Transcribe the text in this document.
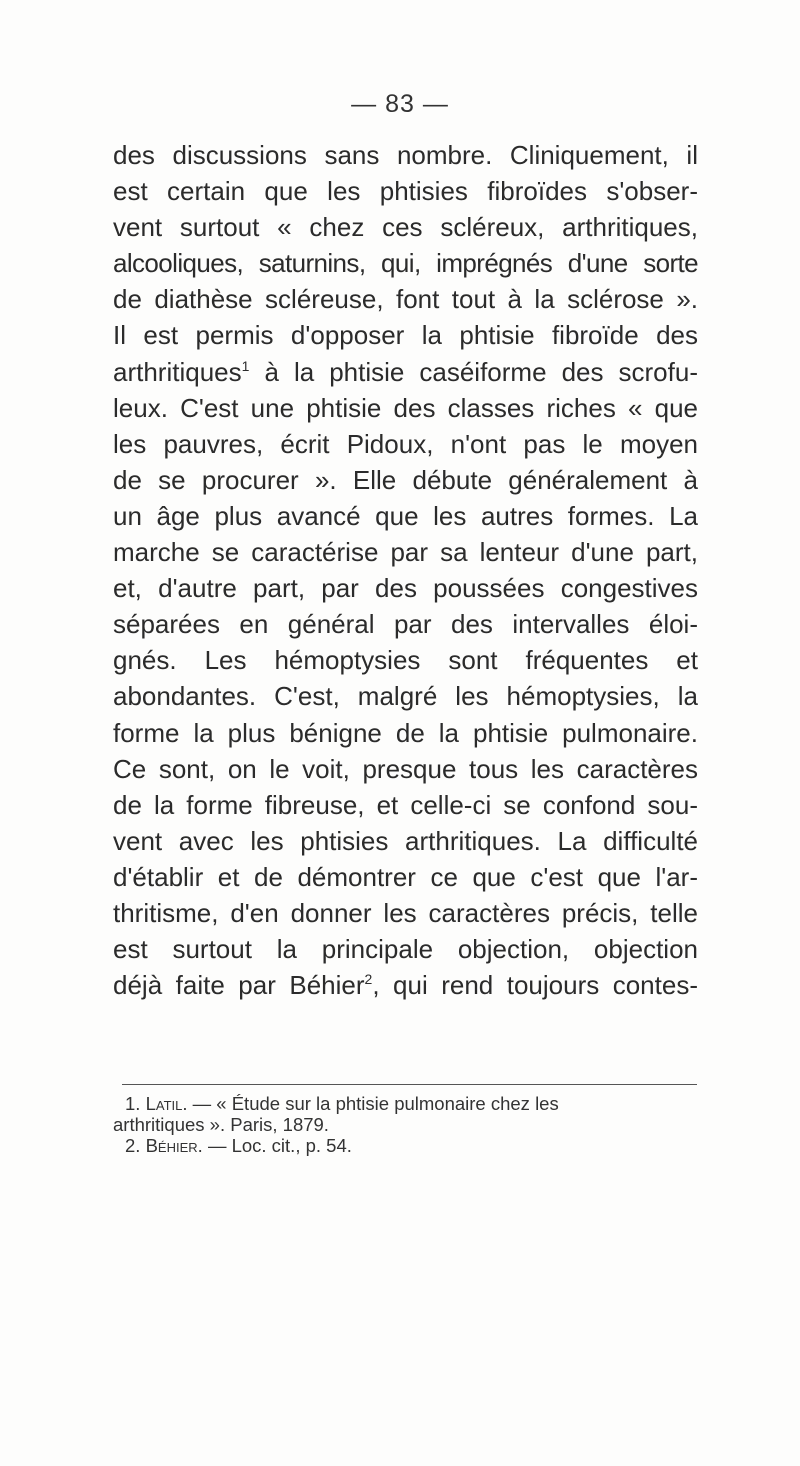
— 83 —
des discussions sans nombre. Cliniquement, il
est certain que les phtisies fibroïdes s'obser-
vent surtout « chez ces scléreux, arthritiques,
alcooliques, saturnins, qui, imprégnés d'une sorte
de diathèse scléreuse, font tout à la sclérose ».
Il est permis d'opposer la phtisie fibroïde des
arthritiques$^1$ à la phtisie caséiforme des scrofu-
leux. C'est une phtisie des classes riches « que
les pauvres, écrit Pidoux, n'ont pas le moyen
de se procurer ». Elle débute généralement à
un âge plus avancé que les autres formes. La
marche se caractérise par sa lenteur d'une part,
et, d'autre part, par des poussées congestives
séparées en général par des intervalles éloi-
gnés. Les hémoptysies sont fréquentes et
abondantes. C'est, malgré les hémoptysies, la
forme la plus bénigne de la phtisie pulmonaire.
Ce sont, on le voit, presque tous les caractères
de la forme fibreuse, et celle-ci se confond sou-
vent avec les phtisies arthritiques. La difficulté
d'établir et de démontrer ce que c'est que l'ar-
thritisme, d'en donner les caractères précis, telle
est surtout la principale objection, objection
déjà faite par Béhier$^2$, qui rend toujours contes-
1. Latil. — « Étude sur la phtisie pulmonaire chez les
arthritiques ». Paris, 1879.
2. Béhier. — Loc. cit., p. 54.
